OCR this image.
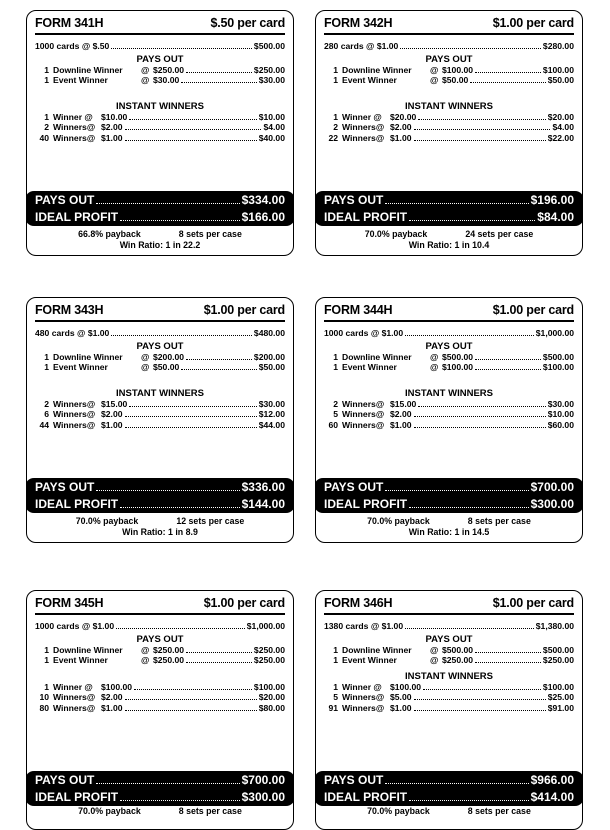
FORM 341H	$.50 per card
1000 cards @ $.50	$500.00
PAYS OUT
1 Downline Winner	@ $250.00	$250.00
1 Event Winner	@ $30.00	$30.00
INSTANT WINNERS
1 Winner @ $10.00	$10.00
2 Winners@ $2.00	$4.00
40 Winners@ $1.00	$40.00
PAYS OUT	$334.00
IDEAL PROFIT	$166.00
66.8% payback	8 sets per case
Win Ratio: 1 in 22.2
FORM 342H	$1.00 per card
280 cards @ $1.00	$280.00
PAYS OUT
1 Downline Winner	@ $100.00	$100.00
1 Event Winner	@ $50.00	$50.00
INSTANT WINNERS
1 Winner @ $20.00	$20.00
2 Winners@ $2.00	$4.00
22 Winners@ $1.00	$22.00
PAYS OUT	$196.00
IDEAL PROFIT	$84.00
70.0% payback	24 sets per case
Win Ratio: 1 in 10.4
FORM 343H	$1.00 per card
480 cards @ $1.00	$480.00
PAYS OUT
1 Downline Winner	@ $200.00	$200.00
1 Event Winner	@ $50.00	$50.00
INSTANT WINNERS
2 Winners@ $15.00	$30.00
6 Winners@ $2.00	$12.00
44 Winners@ $1.00	$44.00
PAYS OUT	$336.00
IDEAL PROFIT	$144.00
70.0% payback	12 sets per case
Win Ratio: 1 in 8.9
FORM 344H	$1.00 per card
1000 cards @ $1.00	$1,000.00
PAYS OUT
1 Downline Winner	@ $500.00	$500.00
1 Event Winner	@ $100.00	$100.00
INSTANT WINNERS
2 Winners@ $15.00	$30.00
5 Winners@ $2.00	$10.00
60 Winners@ $1.00	$60.00
PAYS OUT	$700.00
IDEAL PROFIT	$300.00
70.0% payback	8 sets per case
Win Ratio: 1 in 14.5
FORM 345H	$1.00 per card
1000 cards @ $1.00	$1,000.00
PAYS OUT
1 Downline Winner	@ $250.00	$250.00
1 Event Winner	@ $250.00	$250.00
1 Winner @ $100.00	$100.00
10 Winners@ $2.00	$20.00
80 Winners@ $1.00	$80.00
PAYS OUT	$700.00
IDEAL PROFIT	$300.00
70.0% payback	8 sets per case
FORM 346H	$1.00 per card
1380 cards @ $1.00	$1,380.00
PAYS OUT
1 Downline Winner	@ $500.00	$500.00
1 Event Winner	@ $250.00	$250.00
INSTANT WINNERS
1 Winner @ $100.00	$100.00
5 Winners@ $5.00	$25.00
91 Winners@ $1.00	$91.00
PAYS OUT	$966.00
IDEAL PROFIT	$414.00
70.0% payback	8 sets per case
